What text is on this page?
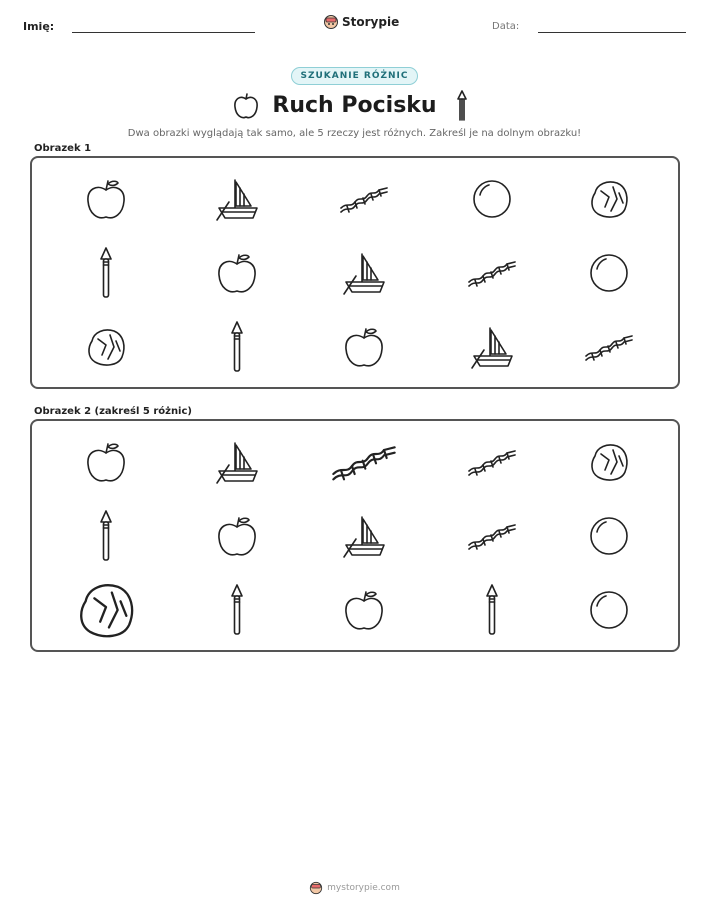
Imię:	Storypie	Data:
SZUKANIE RÓŻNIC
Ruch Pocisku
Dwa obrazki wyglądają tak samo, ale 5 rzeczy jest różnych. Zakreśl je na dolnym obrazku!
Obrazek 1
Obrazek 2 (zakreśl 5 różnic)
mystorypie.com
